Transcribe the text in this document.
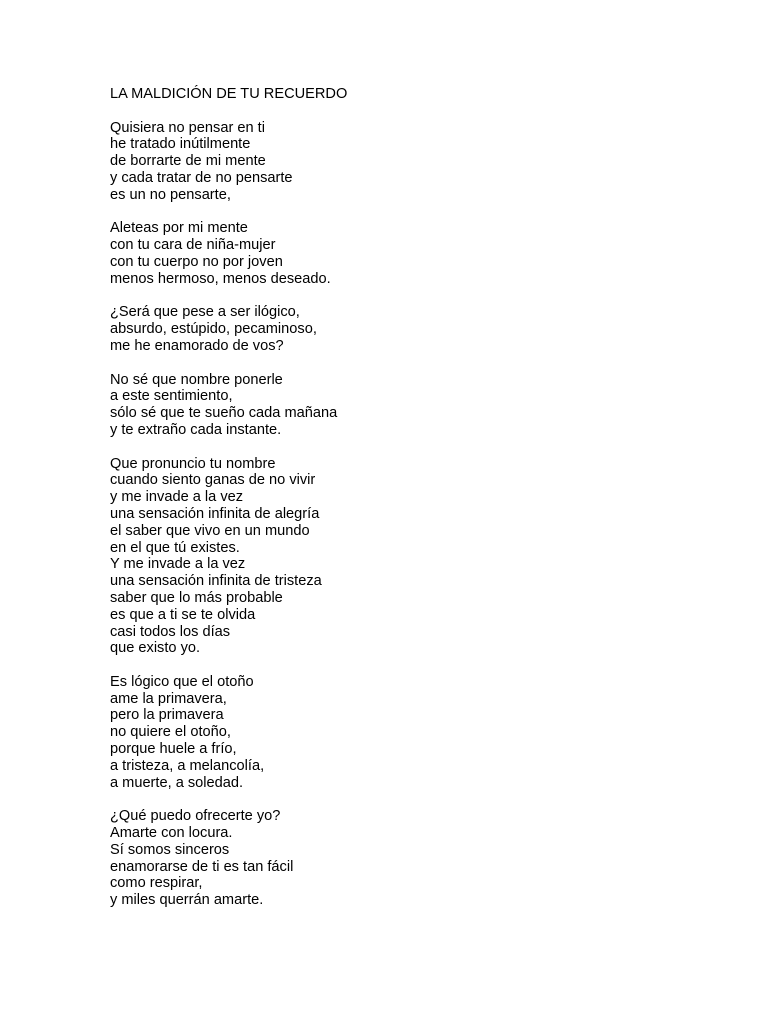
LA MALDICIÓN DE TU RECUERDO
Quisiera no pensar en ti
he tratado inútilmente
de borrarte de mi mente
y cada tratar de no pensarte
es un no pensarte,
Aleteas por mi mente
con tu cara de niña-mujer
con tu cuerpo no por joven
menos hermoso, menos deseado.
¿Será que pese a ser ilógico,
absurdo, estúpido, pecaminoso,
me he enamorado de vos?
No sé que nombre ponerle
a este sentimiento,
sólo sé que te sueño cada mañana
y te extraño cada instante.
Que pronuncio tu nombre
cuando siento ganas de no vivir
y me invade a la vez
una sensación infinita de alegría
el saber que vivo en un mundo
en el que tú existes.
Y me invade a la vez
una sensación infinita de tristeza
saber que lo más probable
es que a ti se te olvida
casi todos los días
que existo yo.
Es lógico que el otoño
ame la primavera,
pero la primavera
no quiere el otoño,
porque huele a frío,
a tristeza, a melancolía,
a muerte, a soledad.
¿Qué puedo ofrecerte yo?
Amarte con locura.
Sí somos sinceros
enamorarse de ti es tan fácil
como respirar,
y miles querrán amarte.
